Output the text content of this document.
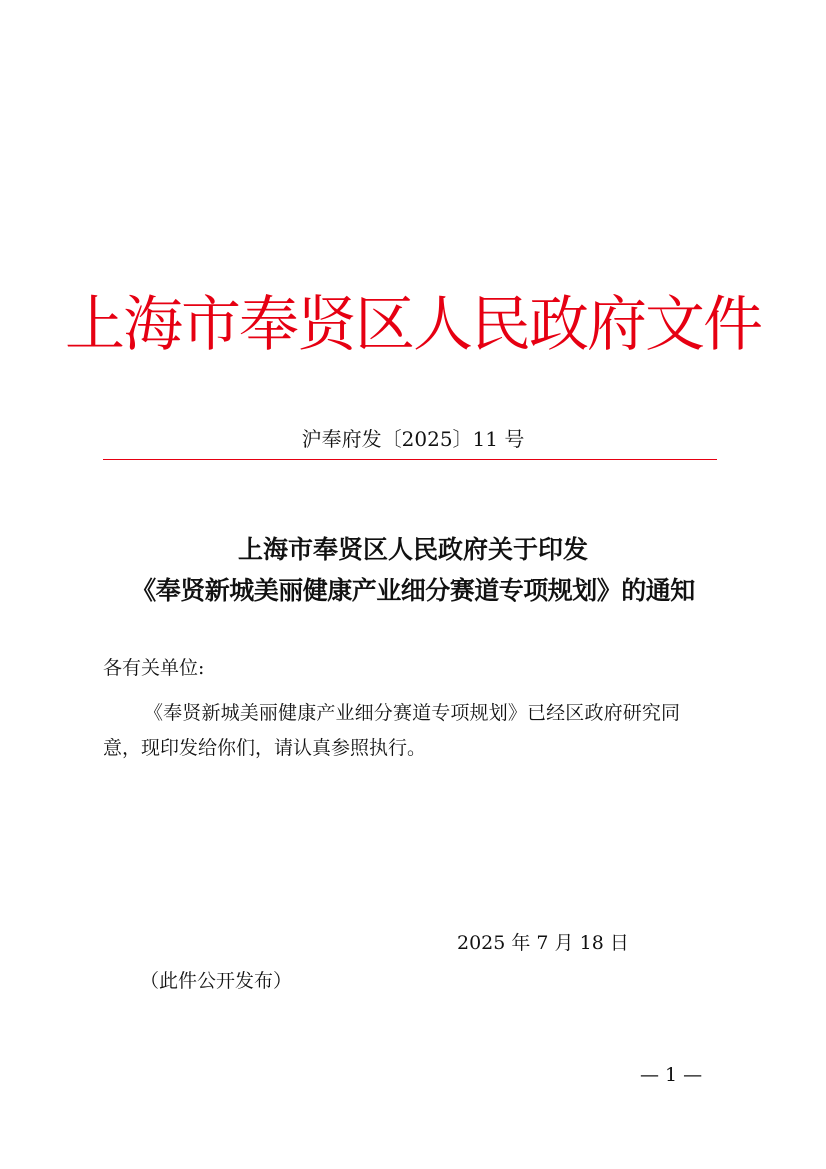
上海市奉贤区人民政府文件
沪奉府发〔2025〕11 号
上海市奉贤区人民政府关于印发
《奉贤新城美丽健康产业细分赛道专项规划》的通知
各有关单位:
《奉贤新城美丽健康产业细分赛道专项规划》已经区政府研究同
意，现印发给你们，请认真参照执行。
2025 年 7 月 18 日
（此件公开发布）
— 1 —
